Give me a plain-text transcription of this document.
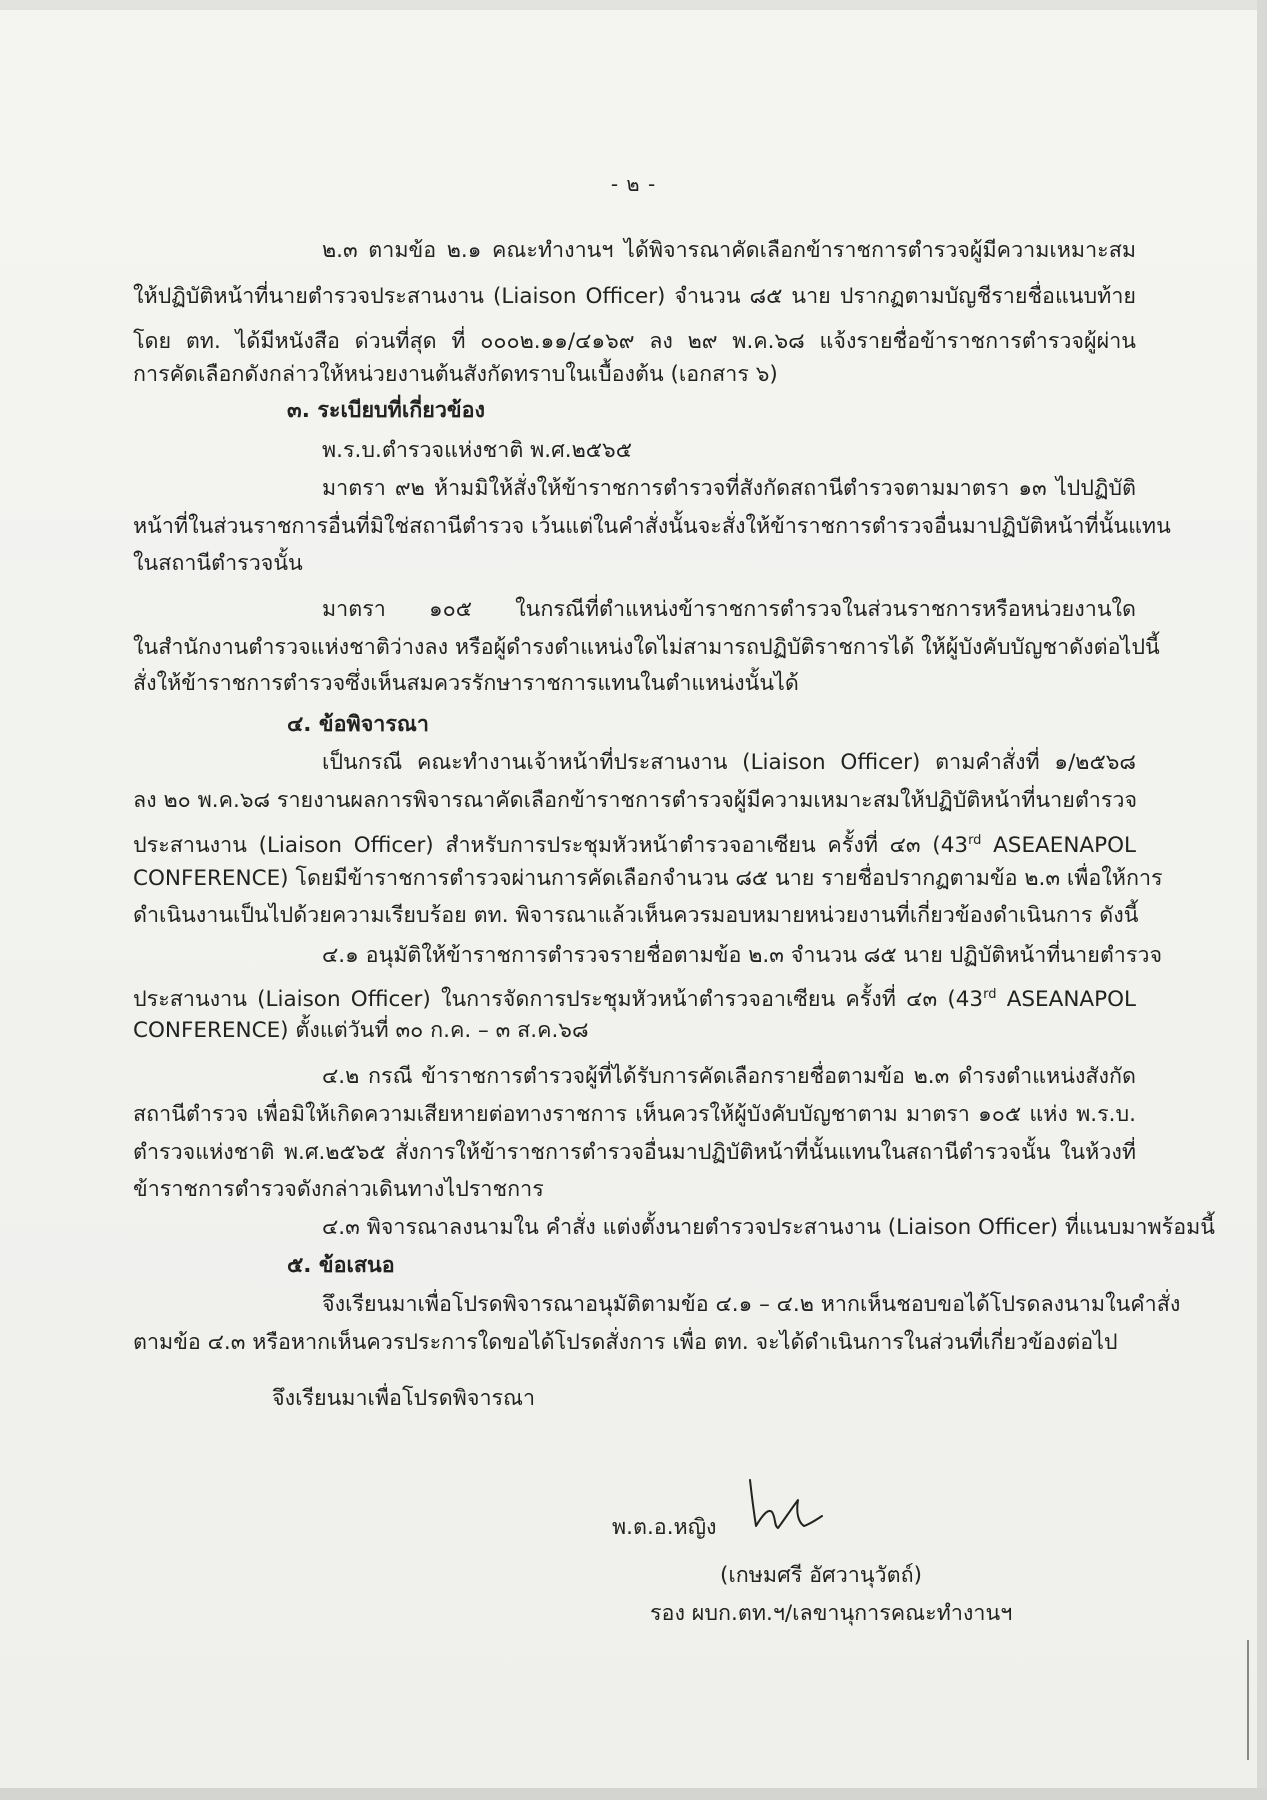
- ๒ -
๒.๓ ตามข้อ ๒.๑ คณะทำงานฯ ได้พิจารณาคัดเลือกข้าราชการตำรวจผู้มีความเหมาะสม
ให้ปฏิบัติหน้าที่นายตำรวจประสานงาน (Liaison Officer) จำนวน ๘๕ นาย ปรากฏตามบัญชีรายชื่อแนบท้าย
โดย ตท. ได้มีหนังสือ ด่วนที่สุด ที่ ๐๐๐๒.๑๑/๔๑๖๙ ลง ๒๙ พ.ค.๖๘ แจ้งรายชื่อข้าราชการตำรวจผู้ผ่าน
การคัดเลือกดังกล่าวให้หน่วยงานต้นสังกัดทราบในเบื้องต้น (เอกสาร ๖)
๓. ระเบียบที่เกี่ยวข้อง
พ.ร.บ.ตำรวจแห่งชาติ พ.ศ.๒๕๖๕
มาตรา ๙๒ ห้ามมิให้สั่งให้ข้าราชการตำรวจที่สังกัดสถานีตำรวจตามมาตรา ๑๓ ไปปฏิบัติ
หน้าที่ในส่วนราชการอื่นที่มิใช่สถานีตำรวจ เว้นแต่ในคำสั่งนั้นจะสั่งให้ข้าราชการตำรวจอื่นมาปฏิบัติหน้าที่นั้นแทน
ในสถานีตำรวจนั้น
มาตรา ๑๐๕ ในกรณีที่ตำแหน่งข้าราชการตำรวจในส่วนราชการหรือหน่วยงานใด
ในสำนักงานตำรวจแห่งชาติว่างลง หรือผู้ดำรงตำแหน่งใดไม่สามารถปฏิบัติราชการได้ ให้ผู้บังคับบัญชาดังต่อไปนี้
สั่งให้ข้าราชการตำรวจซึ่งเห็นสมควรรักษาราชการแทนในตำแหน่งนั้นได้
๔. ข้อพิจารณา
เป็นกรณี คณะทำงานเจ้าหน้าที่ประสานงาน (Liaison Officer) ตามคำสั่งที่ ๑/๒๕๖๘
ลง ๒๐ พ.ค.๖๘ รายงานผลการพิจารณาคัดเลือกข้าราชการตำรวจผู้มีความเหมาะสมให้ปฏิบัติหน้าที่นายตำรวจ
ประสานงาน (Liaison Officer) สำหรับการประชุมหัวหน้าตำรวจอาเซียน ครั้งที่ ๔๓ (43rd ASEAENAPOL
CONFERENCE) โดยมีข้าราชการตำรวจผ่านการคัดเลือกจำนวน ๘๕ นาย รายชื่อปรากฏตามข้อ ๒.๓ เพื่อให้การ
ดำเนินงานเป็นไปด้วยความเรียบร้อย ตท. พิจารณาแล้วเห็นควรมอบหมายหน่วยงานที่เกี่ยวข้องดำเนินการ ดังนี้
๔.๑ อนุมัติให้ข้าราชการตำรวจรายชื่อตามข้อ ๒.๓ จำนวน ๘๕ นาย ปฏิบัติหน้าที่นายตำรวจ
ประสานงาน (Liaison Officer) ในการจัดการประชุมหัวหน้าตำรวจอาเซียน ครั้งที่ ๔๓ (43rd ASEANAPOL
CONFERENCE) ตั้งแต่วันที่ ๓๐ ก.ค. – ๓ ส.ค.๖๘
๔.๒ กรณี ข้าราชการตำรวจผู้ที่ได้รับการคัดเลือกรายชื่อตามข้อ ๒.๓ ดำรงตำแหน่งสังกัด
สถานีตำรวจ เพื่อมิให้เกิดความเสียหายต่อทางราชการ เห็นควรให้ผู้บังคับบัญชาตาม มาตรา ๑๐๕ แห่ง พ.ร.บ.
ตำรวจแห่งชาติ พ.ศ.๒๕๖๕ สั่งการให้ข้าราชการตำรวจอื่นมาปฏิบัติหน้าที่นั้นแทนในสถานีตำรวจนั้น ในห้วงที่
ข้าราชการตำรวจดังกล่าวเดินทางไปราชการ
๔.๓ พิจารณาลงนามใน คำสั่ง แต่งตั้งนายตำรวจประสานงาน (Liaison Officer) ที่แนบมาพร้อมนี้
๕. ข้อเสนอ
จึงเรียนมาเพื่อโปรดพิจารณาอนุมัติตามข้อ ๔.๑ – ๔.๒ หากเห็นชอบขอได้โปรดลงนามในคำสั่ง
ตามข้อ ๔.๓ หรือหากเห็นควรประการใดขอได้โปรดสั่งการ เพื่อ ตท. จะได้ดำเนินการในส่วนที่เกี่ยวข้องต่อไป
จึงเรียนมาเพื่อโปรดพิจารณา
พ.ต.อ.หญิง
(เกษมศรี อัศวานุวัตถ์)
รอง ผบก.ตท.ฯ/เลขานุการคณะทำงานฯ
